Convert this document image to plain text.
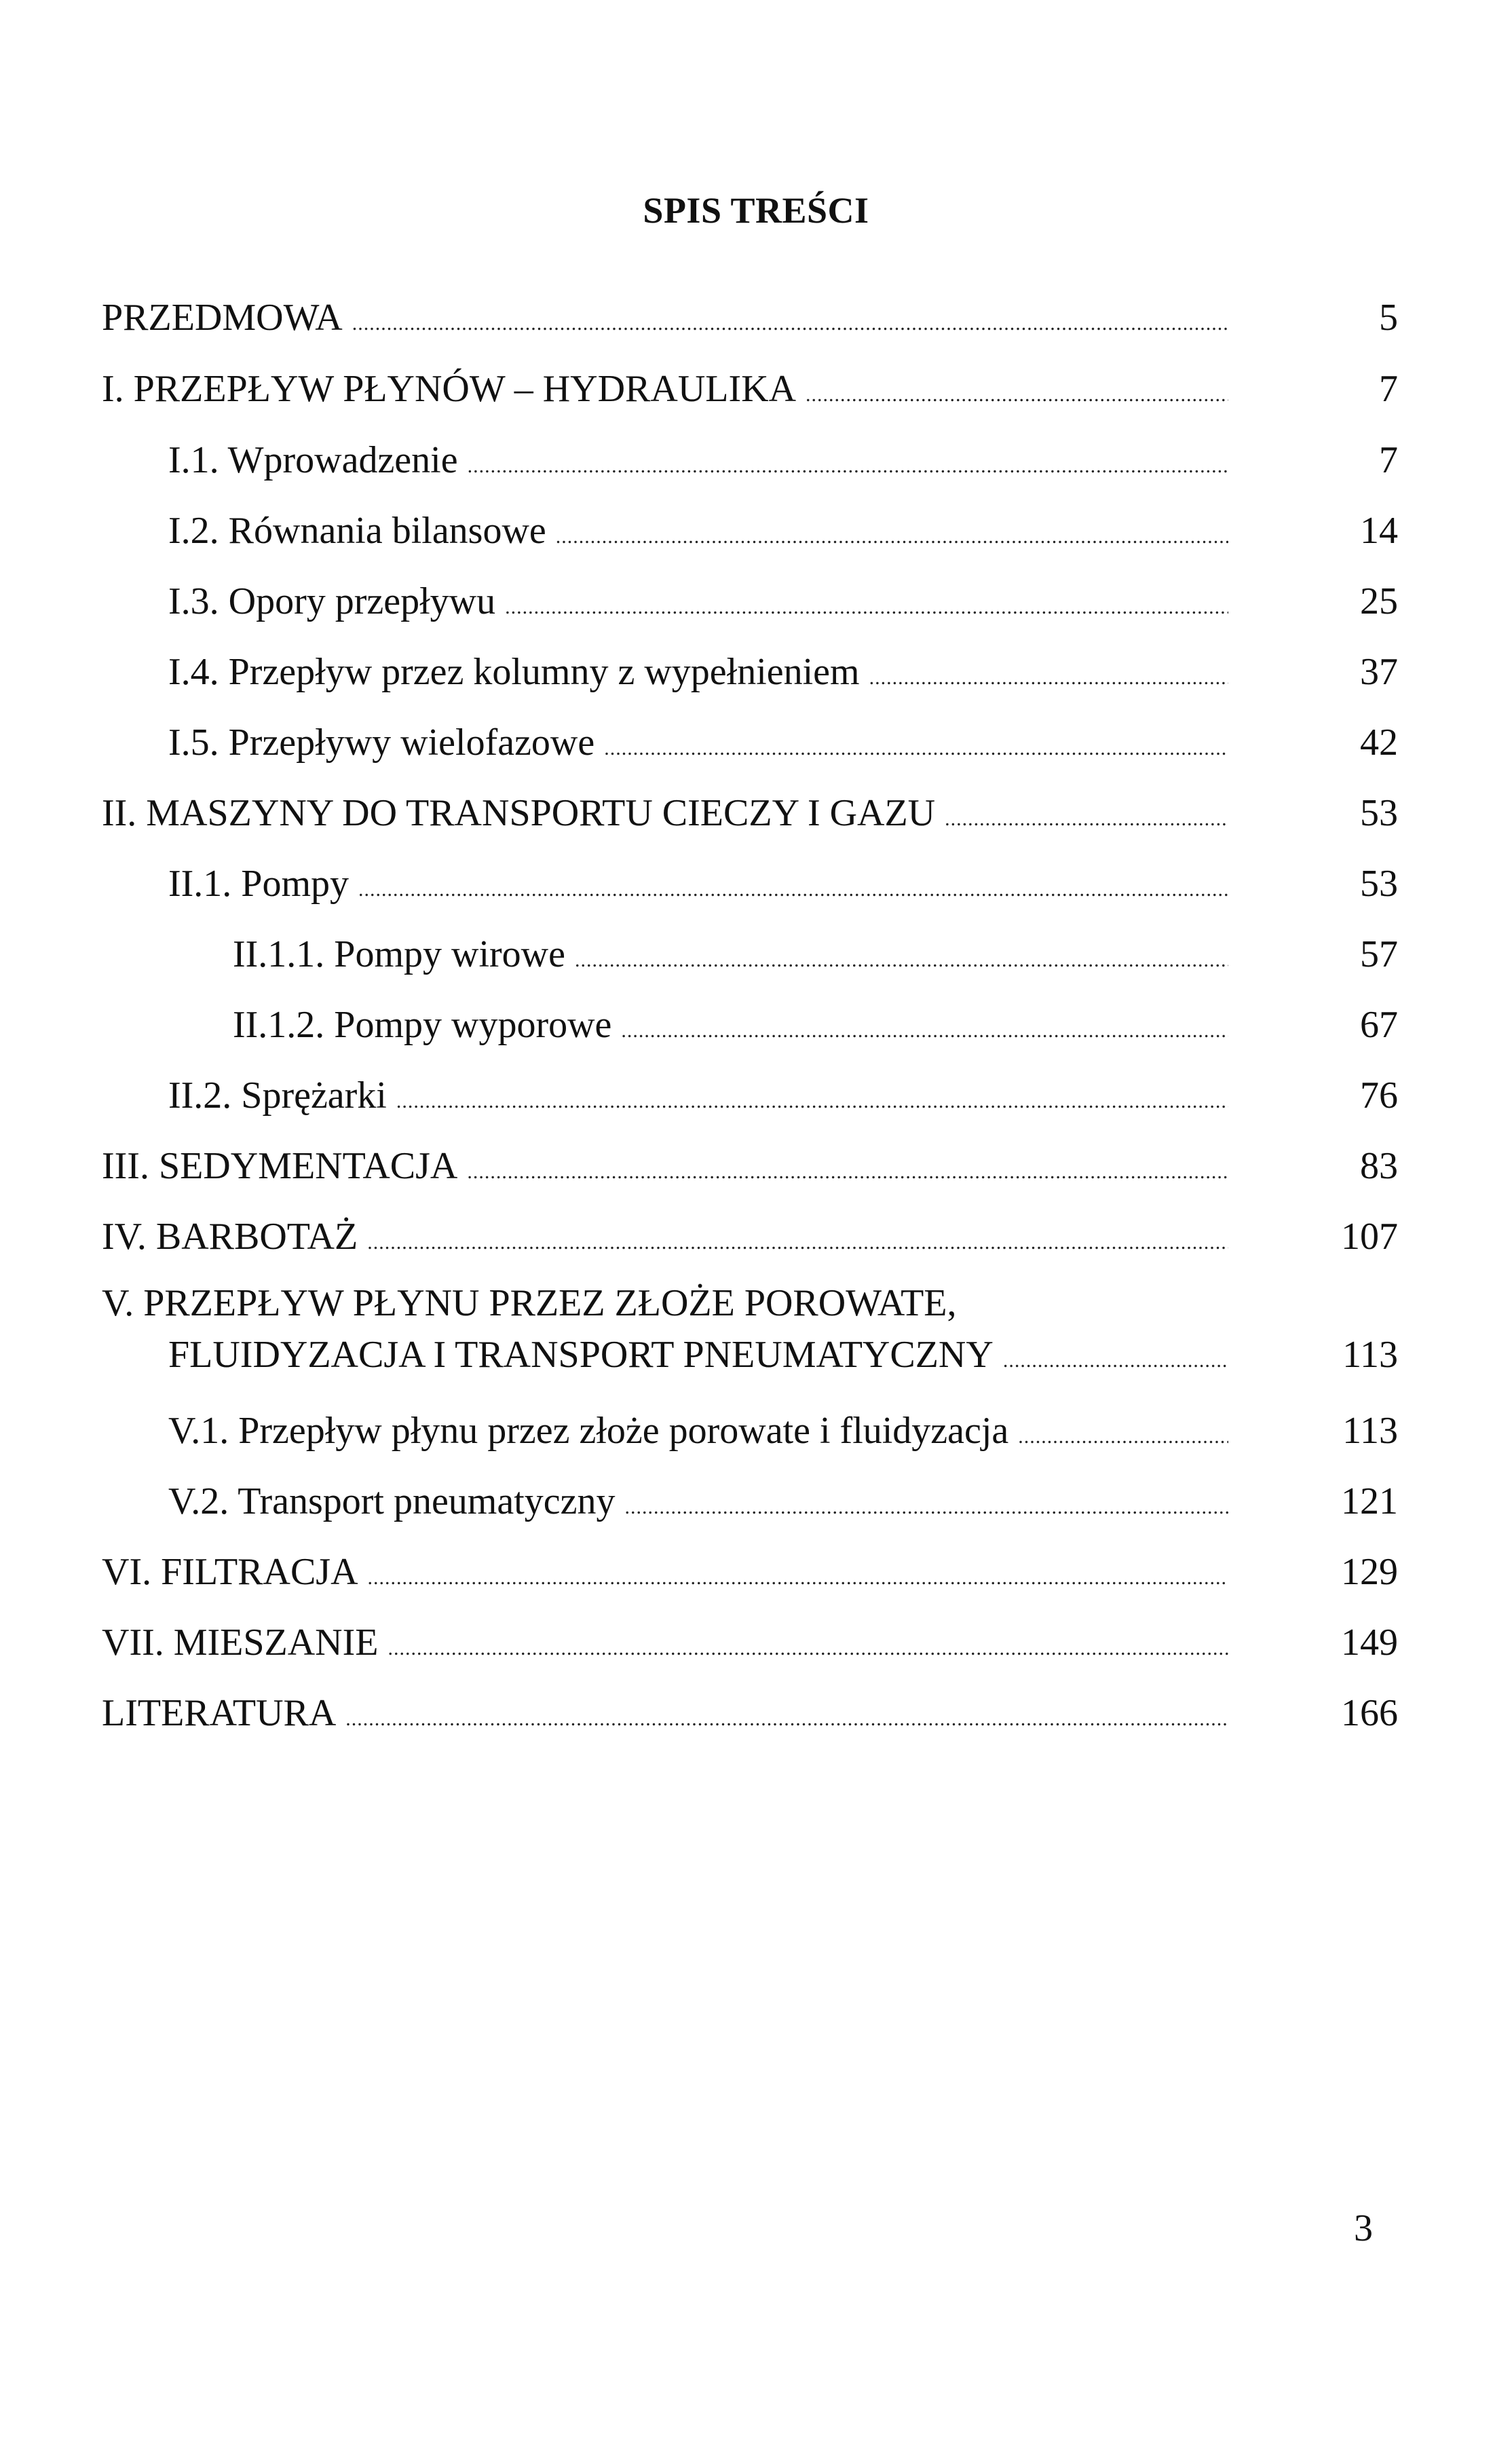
SPIS TREŚCI
PRZEDMOWA .....	5
I. PRZEPŁYW PŁYNÓW – HYDRAULIKA .....	7
I.1. Wprowadzenie .....	7
I.2. Równania bilansowe .....	14
I.3. Opory przepływu .....	25
I.4. Przepływ przez kolumny z wypełnieniem .....	37
I.5. Przepływy wielofazowe .....	42
II. MASZYNY DO TRANSPORTU CIECZY I GAZU .....	53
II.1. Pompy .....	53
II.1.1. Pompy wirowe .....	57
II.1.2. Pompy wyporowe .....	67
II.2. Sprężarki .....	76
III. SEDYMENTACJA .....	83
IV. BARBOTAŻ .....	107
V. PRZEPŁYW PŁYNU PRZEZ ZŁOŻE POROWATE,
FLUIDYZACJA I TRANSPORT PNEUMATYCZNY .....	113
V.1. Przepływ płynu przez złoże porowate i fluidyzacja .....	113
V.2. Transport pneumatyczny .....	121
VI. FILTRACJA .....	129
VII. MIESZANIE .....	149
LITERATURA .....	166
3
